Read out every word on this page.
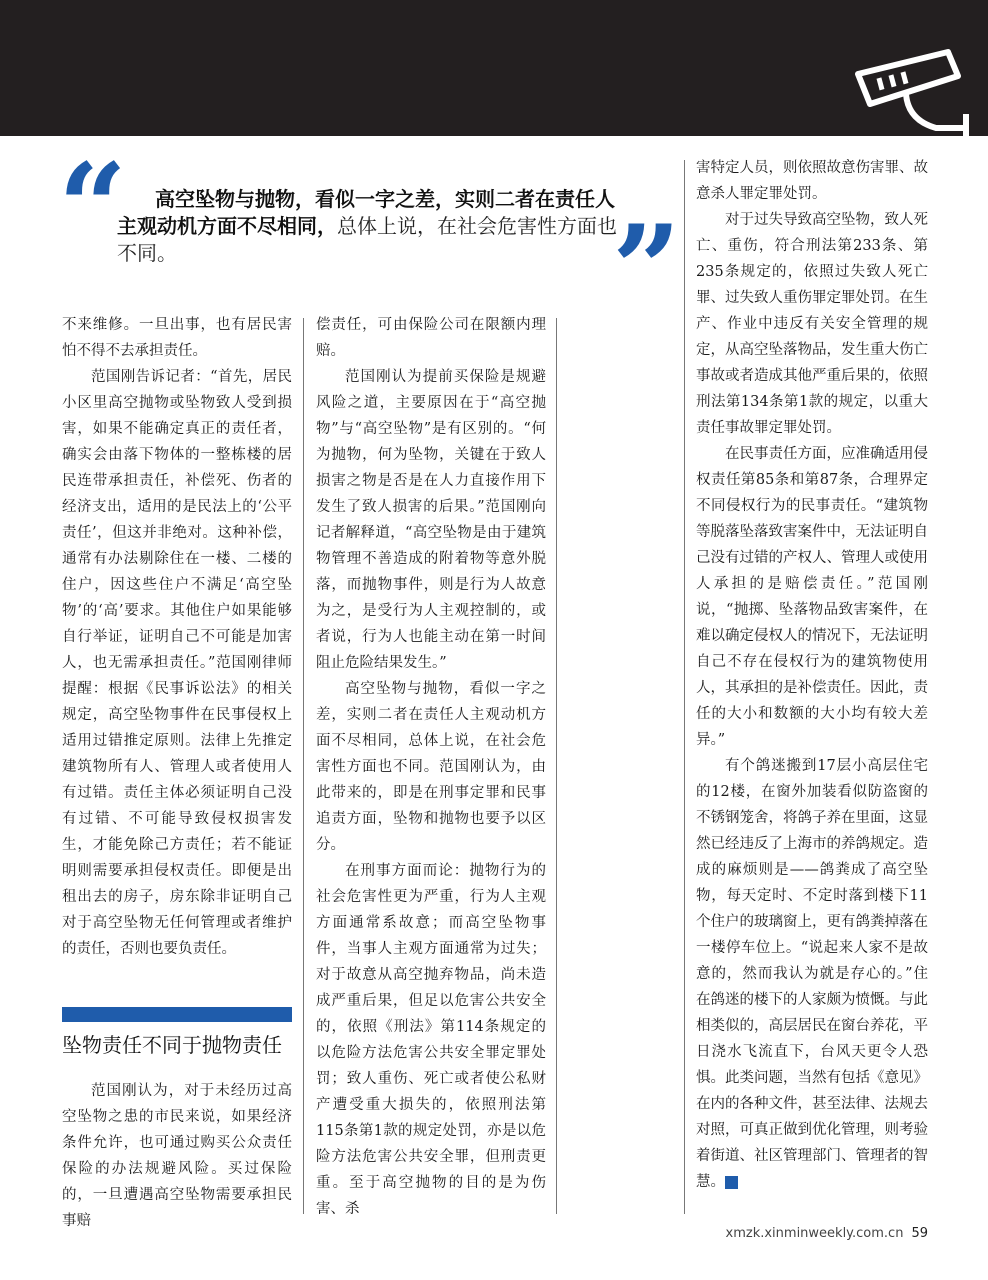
“	高空坠物与抛物，看似一字之差，实则二者在责任人主观动机方面不尽相同，总体上说，在社会危害性方面也不同。	”

不来维修。一旦出事，也有居民害怕不得不去承担责任。

范国刚告诉记者：“首先，居民小区里高空抛物或坠物致人受到损害，如果不能确定真正的责任者，确实会由落下物体的一整栋楼的居民连带承担责任，补偿死、伤者的经济支出，适用的是民法上的‘公平责任’，但这并非绝对。这种补偿，通常有办法剔除住在一楼、二楼的住户，因这些住户不满足‘高空坠物’的‘高’要求。其他住户如果能够自行举证，证明自己不可能是加害人，也无需承担责任。”范国刚律师提醒：根据《民事诉讼法》的相关规定，高空坠物事件在民事侵权上适用过错推定原则。法律上先推定建筑物所有人、管理人或者使用人有过错。责任主体必须证明自己没有过错、不可能导致侵权损害发生，才能免除己方责任；若不能证明则需要承担侵权责任。即便是出租出去的房子，房东除非证明自己对于高空坠物无任何管理或者维护的责任，否则也要负责任。

坠物责任不同于抛物责任

范国刚认为，对于未经历过高空坠物之患的市民来说，如果经济条件允许，也可通过购买公众责任保险的办法规避风险。买过保险的，一旦遭遇高空坠物需要承担民事赔

偿责任，可由保险公司在限额内理赔。

范国刚认为提前买保险是规避风险之道，主要原因在于“高空抛物”与“高空坠物”是有区别的。“何为抛物，何为坠物，关键在于致人损害之物是否是在人力直接作用下发生了致人损害的后果。”范国刚向记者解释道，“高空坠物是由于建筑物管理不善造成的附着物等意外脱落，而抛物事件，则是行为人故意为之，是受行为人主观控制的，或者说，行为人也能主动在第一时间阻止危险结果发生。”

高空坠物与抛物，看似一字之差，实则二者在责任人主观动机方面不尽相同，总体上说，在社会危害性方面也不同。范国刚认为，由此带来的，即是在刑事定罪和民事追责方面，坠物和抛物也要予以区分。

在刑事方面而论：抛物行为的社会危害性更为严重，行为人主观方面通常系故意；而高空坠物事件，当事人主观方面通常为过失；对于故意从高空抛弃物品，尚未造成严重后果，但足以危害公共安全的，依照《刑法》第114条规定的以危险方法危害公共安全罪定罪处罚；致人重伤、死亡或者使公私财产遭受重大损失的，依照刑法第115条第1款的规定处罚，亦是以危险方法危害公共安全罪，但刑责更重。至于高空抛物的目的是为伤害、杀

害特定人员，则依照故意伤害罪、故意杀人罪定罪处罚。

对于过失导致高空坠物，致人死亡、重伤，符合刑法第233条、第235条规定的，依照过失致人死亡罪、过失致人重伤罪定罪处罚。在生产、作业中违反有关安全管理的规定，从高空坠落物品，发生重大伤亡事故或者造成其他严重后果的，依照刑法第134条第1款的规定，以重大责任事故罪定罪处罚。

在民事责任方面，应准确适用侵权责任第85条和第87条，合理界定不同侵权行为的民事责任。“建筑物等脱落坠落致害案件中，无法证明自己没有过错的产权人、管理人或使用人承担的是赔偿责任。”范国刚说，“抛掷、坠落物品致害案件，在难以确定侵权人的情况下，无法证明自己不存在侵权行为的建筑物使用人，其承担的是补偿责任。因此，责任的大小和数额的大小均有较大差异。”

有个鸽迷搬到17层小高层住宅的12楼，在窗外加装看似防盗窗的不锈钢笼舍，将鸽子养在里面，这显然已经违反了上海市的养鸽规定。造成的麻烦则是——鸽粪成了高空坠物，每天定时、不定时落到楼下11个住户的玻璃窗上，更有鸽粪掉落在一楼停车位上。“说起来人家不是故意的，然而我认为就是存心的。”住在鸽迷的楼下的人家颇为愤慨。与此相类似的，高层居民在窗台养花，平日浇水飞流直下，台风天更令人恐惧。此类问题，当然有包括《意见》在内的各种文件，甚至法律、法规去对照，可真正做到优化管理，则考验着街道、社区管理部门、管理者的智慧。	民

xmzk.xinminweekly.com.cn 59
